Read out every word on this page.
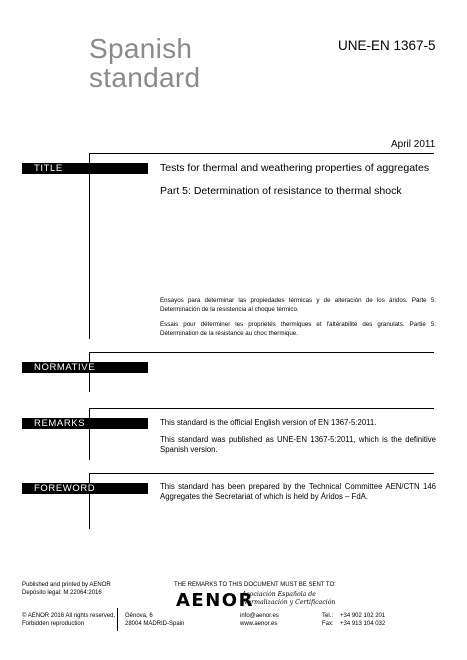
Spanish
standard
UNE-EN 1367-5
April 2011
TITLE	Tests for thermal and weathering properties of aggregates
Part 5: Determination of resistance to thermal shock
Ensayos para determinar las propiedades térmicas y de alteración de los áridos. Parte 5: Determinación de la resistencia al choque térmico.
Essais pour déterminer les propriétés thermiques et l'altérabilité des granulats. Partie 5: Détermination de la résistance au choc thermique.
NORMATIVE
REMARKS	This standard is the official English version of EN 1367-5:2011.
This standard was published as UNE-EN 1367-5:2011, which is the definitive Spanish version.
FOREWORD	This standard has been prepared by the Technical Committee AEN/CTN 146 Aggregates the Secretariat of which is held by Áridos – FdA.
Published and printed by AENOR
Depósito legal: M 22064:2016
THE REMARKS TO THIS DOCUMENT MUST BE SENT TO:
AENOR
Asociación Española de
Normalización y Certificación
© AENOR 2016 All rights reserved.
Forbidden reproduction
Génova, 6
28004 MADRID-Spain
info@aenor.es
www.aenor.es
Tel.: +34 902 102 201
Fax: +34 913 104 032
